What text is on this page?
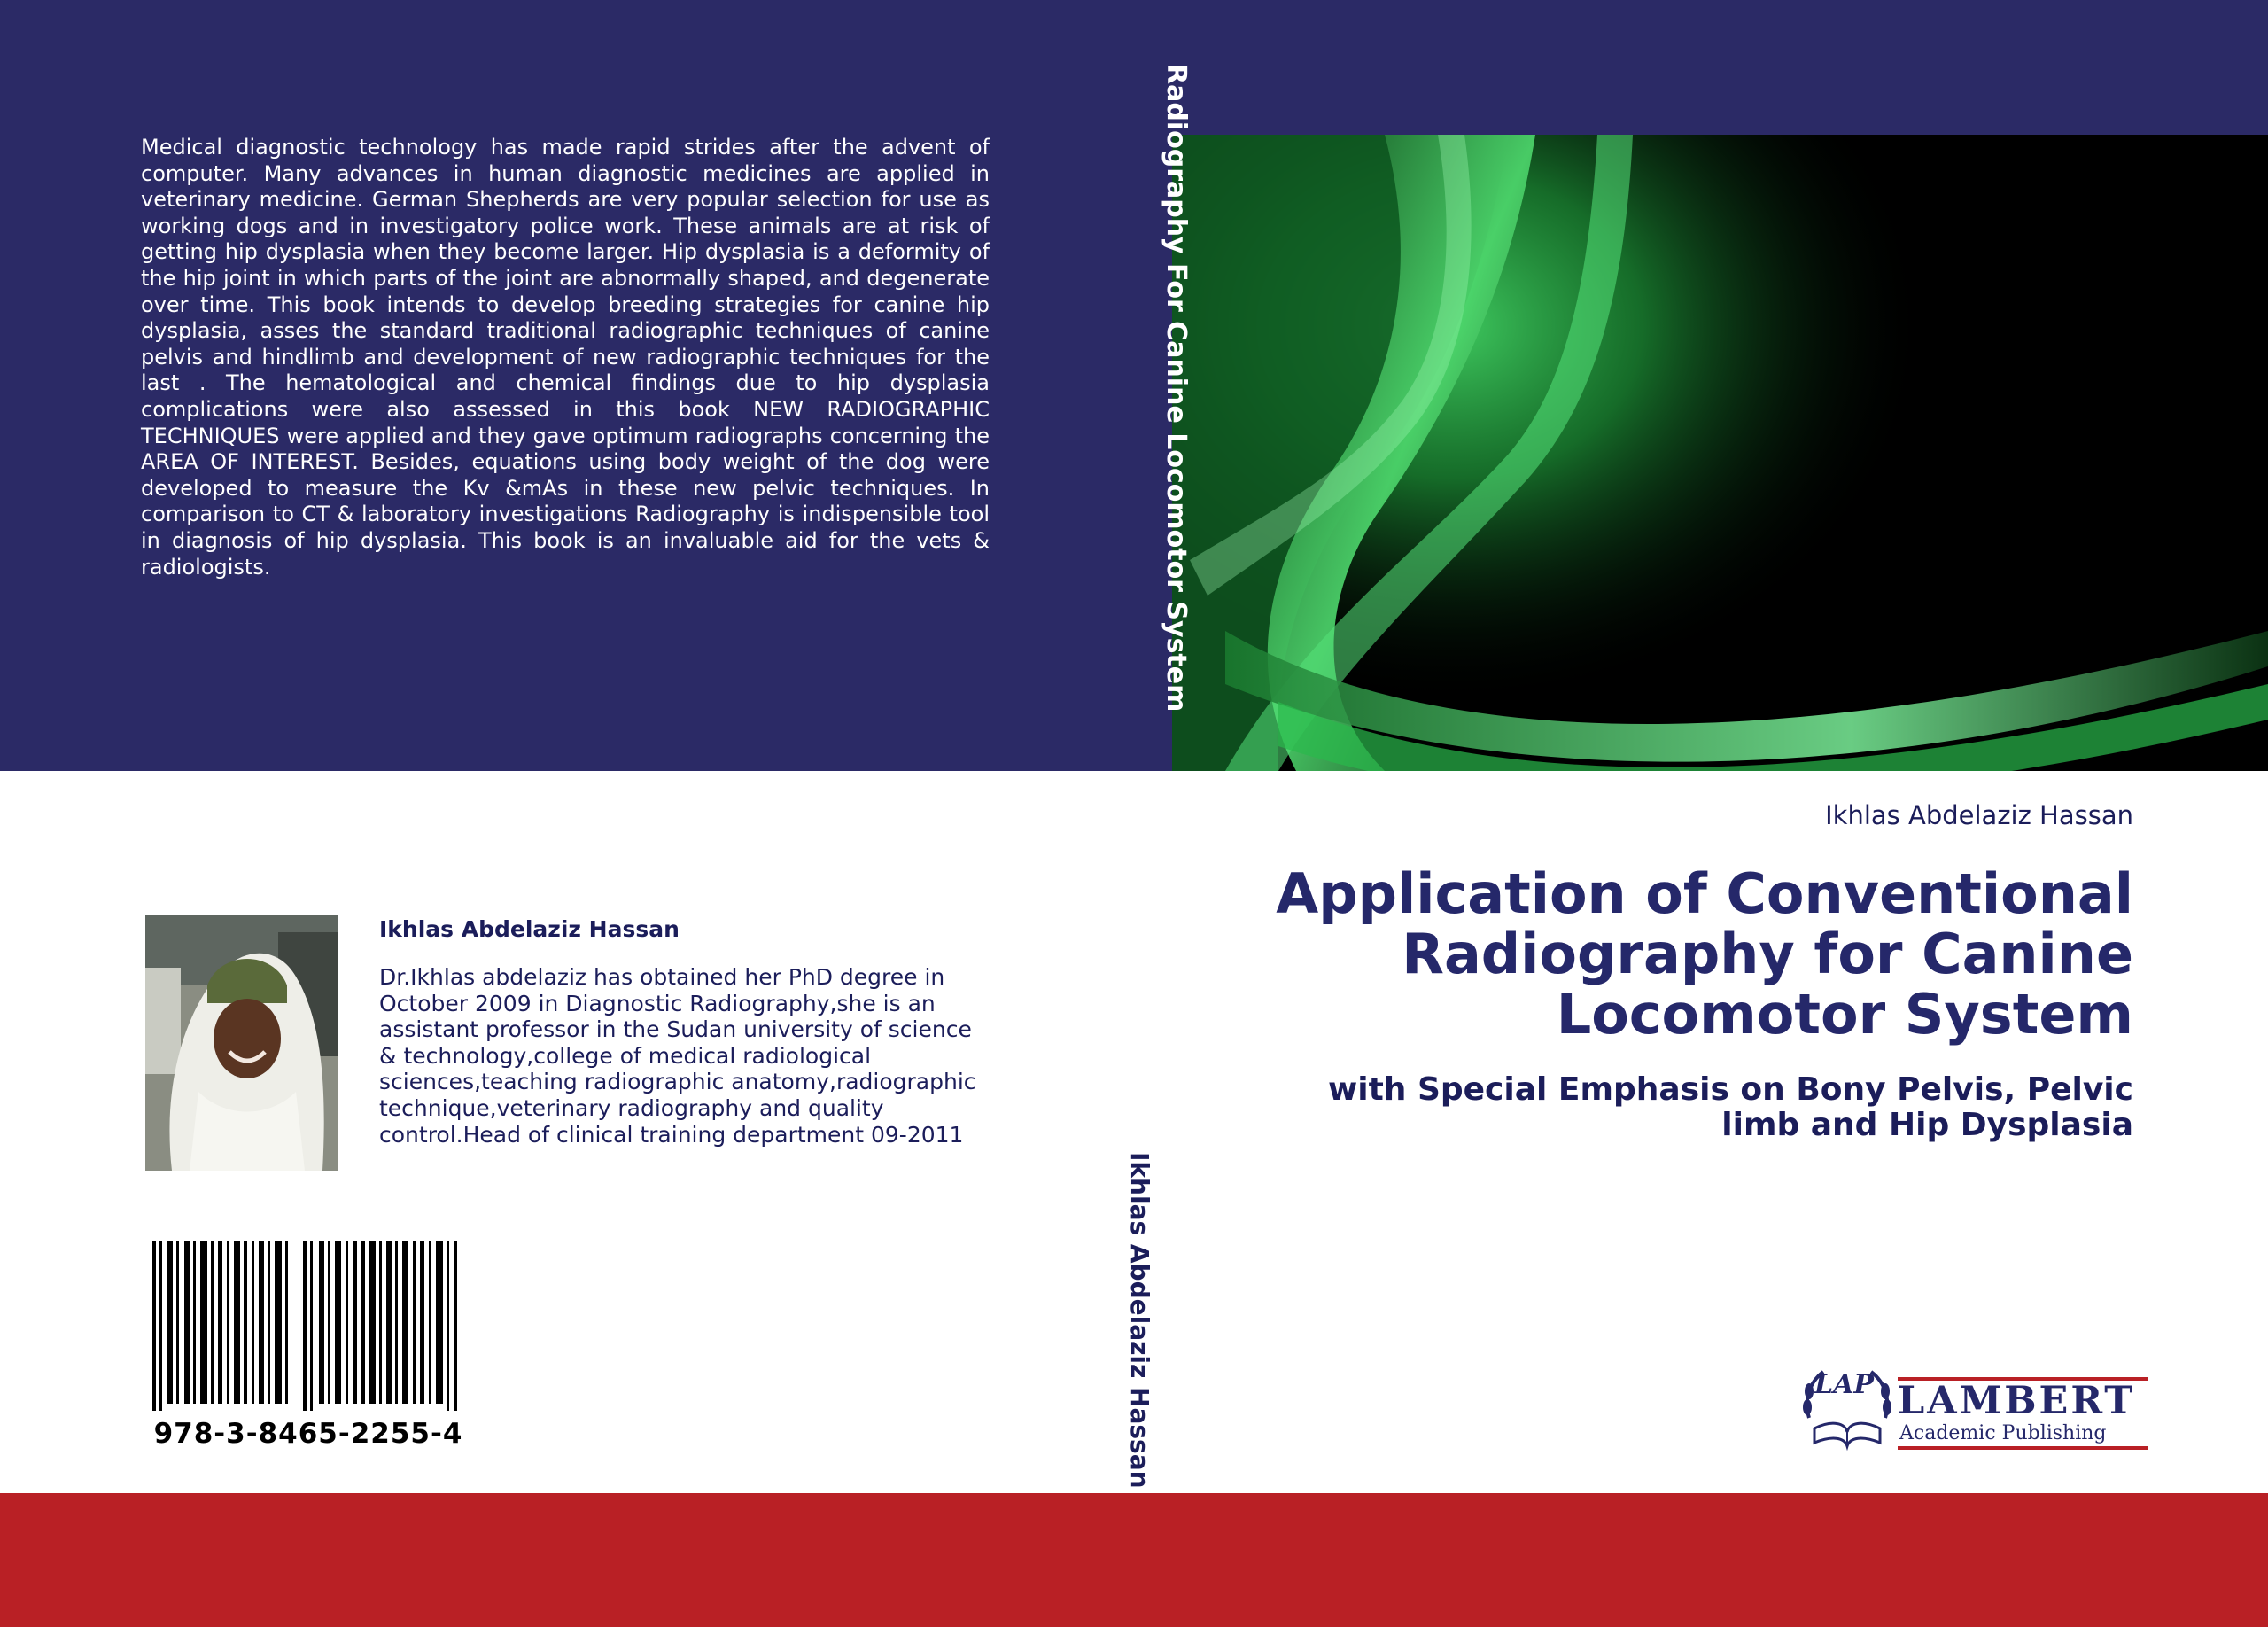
Medical diagnostic technology has made rapid strides after the advent of computer. Many advances in human diagnostic medicines are applied in veterinary medicine. German Shepherds are very popular selection for use as working dogs and in investigatory police work. These animals are at risk of getting hip dysplasia when they become larger. Hip dysplasia is a deformity of the hip joint in which parts of the joint are abnormally shaped, and degenerate over time. This book intends to develop breeding strategies for canine hip dysplasia, asses the standard traditional radiographic techniques of canine pelvis and hindlimb and development of new radiographic techniques for the last . The hematological and chemical findings due to hip dysplasia complications were also assessed in this book NEW RADIOGRAPHIC TECHNIQUES were applied and they gave optimum radiographs concerning the AREA OF INTEREST. Besides, equations using body weight of the dog were developed to measure the Kv &mAs in these new pelvic techniques. In comparison to CT & laboratory investigations Radiography is indispensible tool in diagnosis of hip dysplasia. This book is an invaluable aid for the vets & radiologists.	Radiography For Canine Locomotor System
Ikhlas Abdelaziz Hassan

Ikhlas Abdelaziz Hassan

Dr.Ikhlas abdelaziz has obtained her PhD degree in October 2009 in Diagnostic Radiography,she is an assistant professor in the Sudan university of science & technology,college of medical radiological sciences,teaching radiographic anatomy,radiographic technique,veterinary radiography and quality control.Head of clinical training department 09-2011

978-3-8465-2255-4

Ikhlas Abdelaziz Hassan

Application of Conventional Radiography for Canine Locomotor System
with Special Emphasis on Bony Pelvis, Pelvic limb and Hip Dysplasia

LAP LAMBERT

Academic Publishing
